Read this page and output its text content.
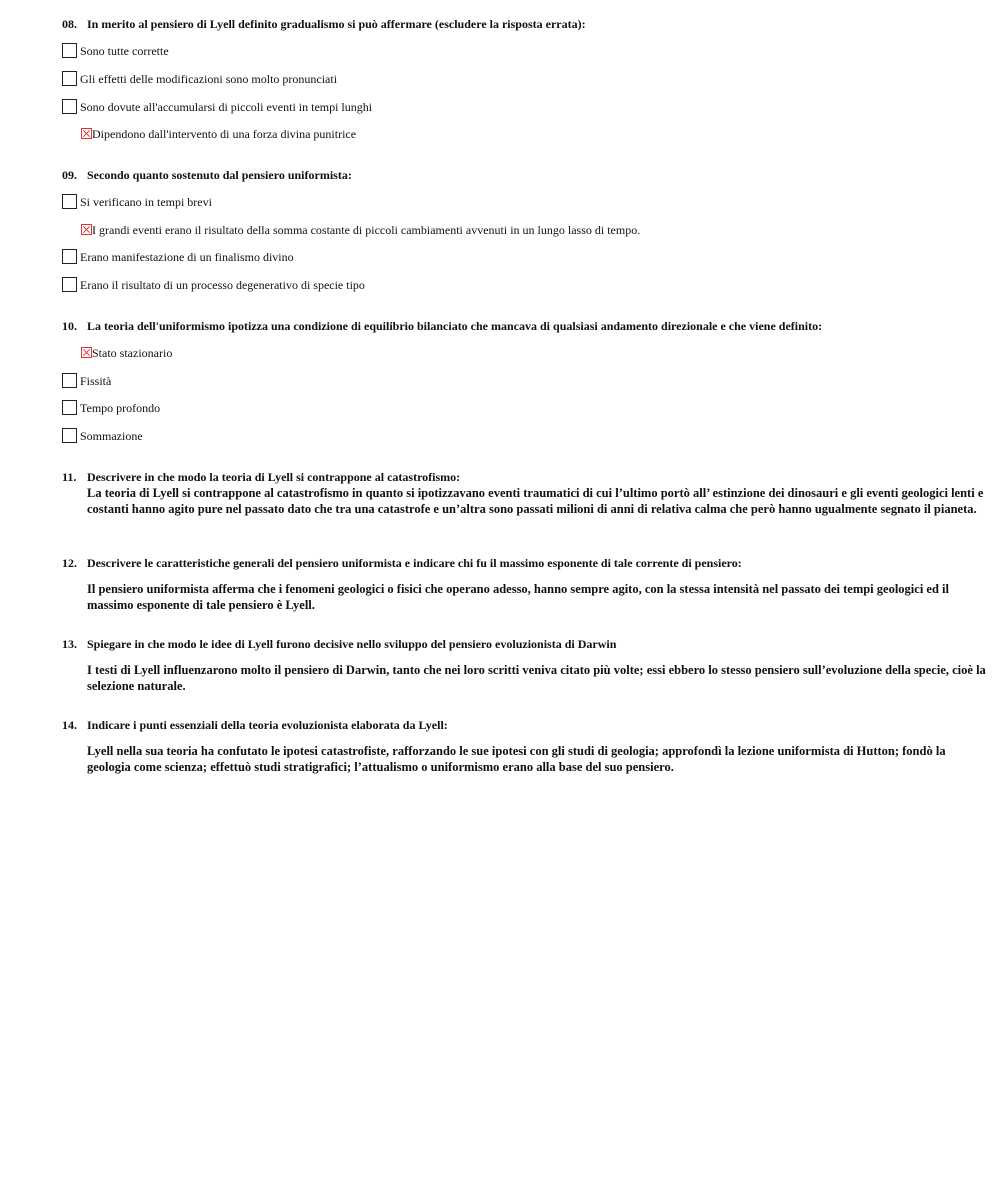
08. In merito al pensiero di Lyell definito gradualismo si può affermare (escludere la risposta errata):
Sono tutte corrette
Gli effetti delle modificazioni sono molto pronunciati
Sono dovute all'accumularsi di piccoli eventi in tempi lunghi
Dipendono dall'intervento di una forza divina punitrice
09. Secondo quanto sostenuto dal pensiero uniformista:
Si verificano in tempi brevi
I grandi eventi erano il risultato della somma costante di piccoli cambiamenti avvenuti in un lungo lasso di tempo.
Erano manifestazione di un finalismo divino
Erano il risultato di un processo degenerativo di specie tipo
10. La teoria dell'uniformismo ipotizza una condizione di equilibrio bilanciato che mancava di qualsiasi andamento direzionale e che viene definito:
Stato stazionario
Fissità
Tempo profondo
Sommazione
11. Descrivere in che modo la teoria di Lyell si contrappone al catastrofismo:
La teoria di Lyell si contrappone al catastrofismo in quanto si ipotizzavano eventi traumatici di cui l’ultimo portò all’ estinzione dei dinosauri e gli eventi geologici lenti e costanti hanno agito pure nel passato dato che tra una catastrofe e un’altra sono passati milioni di anni di relativa calma che però hanno ugualmente segnato il pianeta.
12. Descrivere le caratteristiche generali del pensiero uniformista e indicare chi fu il massimo esponente di tale corrente di pensiero:
Il pensiero uniformista afferma che i fenomeni geologici o fisici che operano adesso, hanno sempre agito, con la stessa intensità nel passato dei tempi geologici ed il massimo esponente di tale pensiero è Lyell.
13. Spiegare in che modo le idee di Lyell furono decisive nello sviluppo del pensiero evoluzionista di Darwin
I testi di Lyell influenzarono molto il pensiero di Darwin, tanto che nei loro scritti veniva citato più volte; essi ebbero lo stesso pensiero sull’evoluzione della specie, cioè la selezione naturale.
14. Indicare i punti essenziali della teoria evoluzionista elaborata da Lyell:
Lyell nella sua teoria ha confutato le ipotesi catastrofiste, rafforzando le sue ipotesi con gli studi di geologia; approfondì la lezione uniformista di Hutton; fondò la geologia come scienza; effettuò studi stratigrafici; l’attualismo o uniformismo erano alla base del suo pensiero.
